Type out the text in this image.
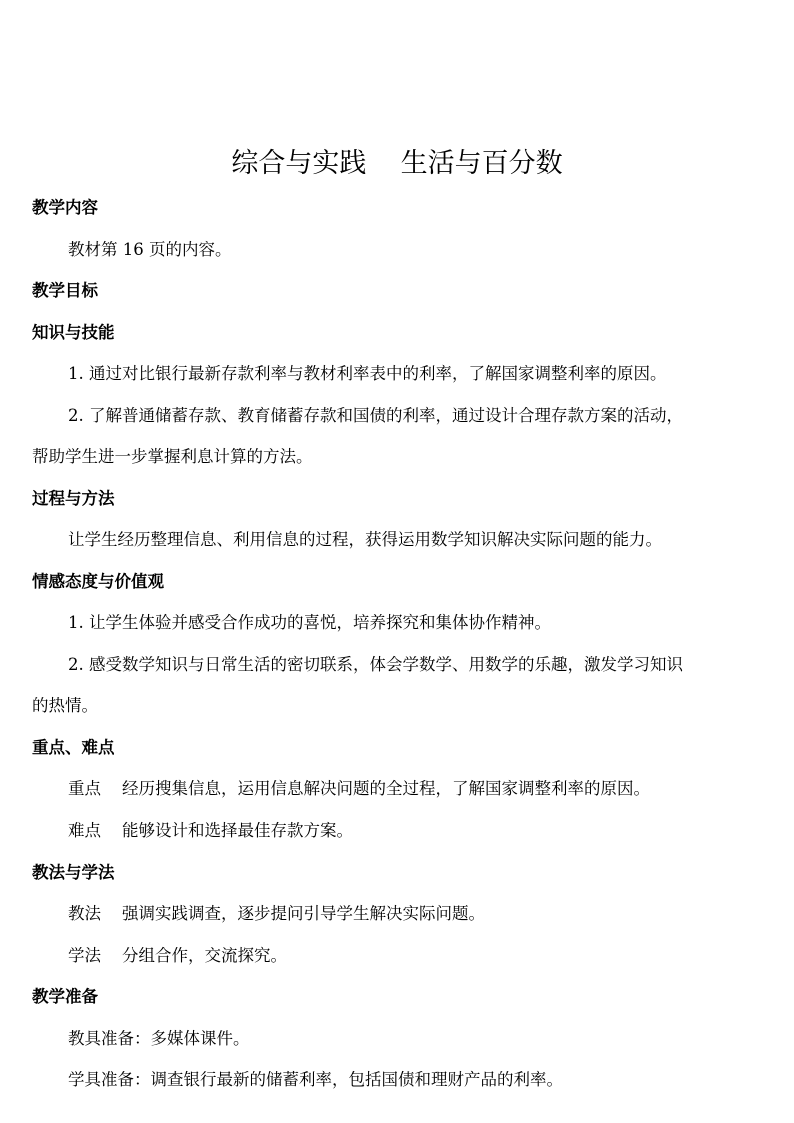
综合与实践    生活与百分数
教学内容
教材第 16 页的内容。
教学目标
知识与技能
1. 通过对比银行最新存款利率与教材利率表中的利率，了解国家调整利率的原因。
2. 了解普通储蓄存款、教育储蓄存款和国债的利率，通过设计合理存款方案的活动，
帮助学生进一步掌握利息计算的方法。
过程与方法
让学生经历整理信息、利用信息的过程，获得运用数学知识解决实际问题的能力。
情感态度与价值观
1. 让学生体验并感受合作成功的喜悦，培养探究和集体协作精神。
2. 感受数学知识与日常生活的密切联系，体会学数学、用数学的乐趣，激发学习知识
的热情。
重点、难点
重点 经历搜集信息，运用信息解决问题的全过程，了解国家调整利率的原因。
难点 能够设计和选择最佳存款方案。
教法与学法
教法 强调实践调查，逐步提问引导学生解决实际问题。
学法 分组合作，交流探究。
教学准备
教具准备：多媒体课件。
学具准备：调查银行最新的储蓄利率，包括国债和理财产品的利率。
